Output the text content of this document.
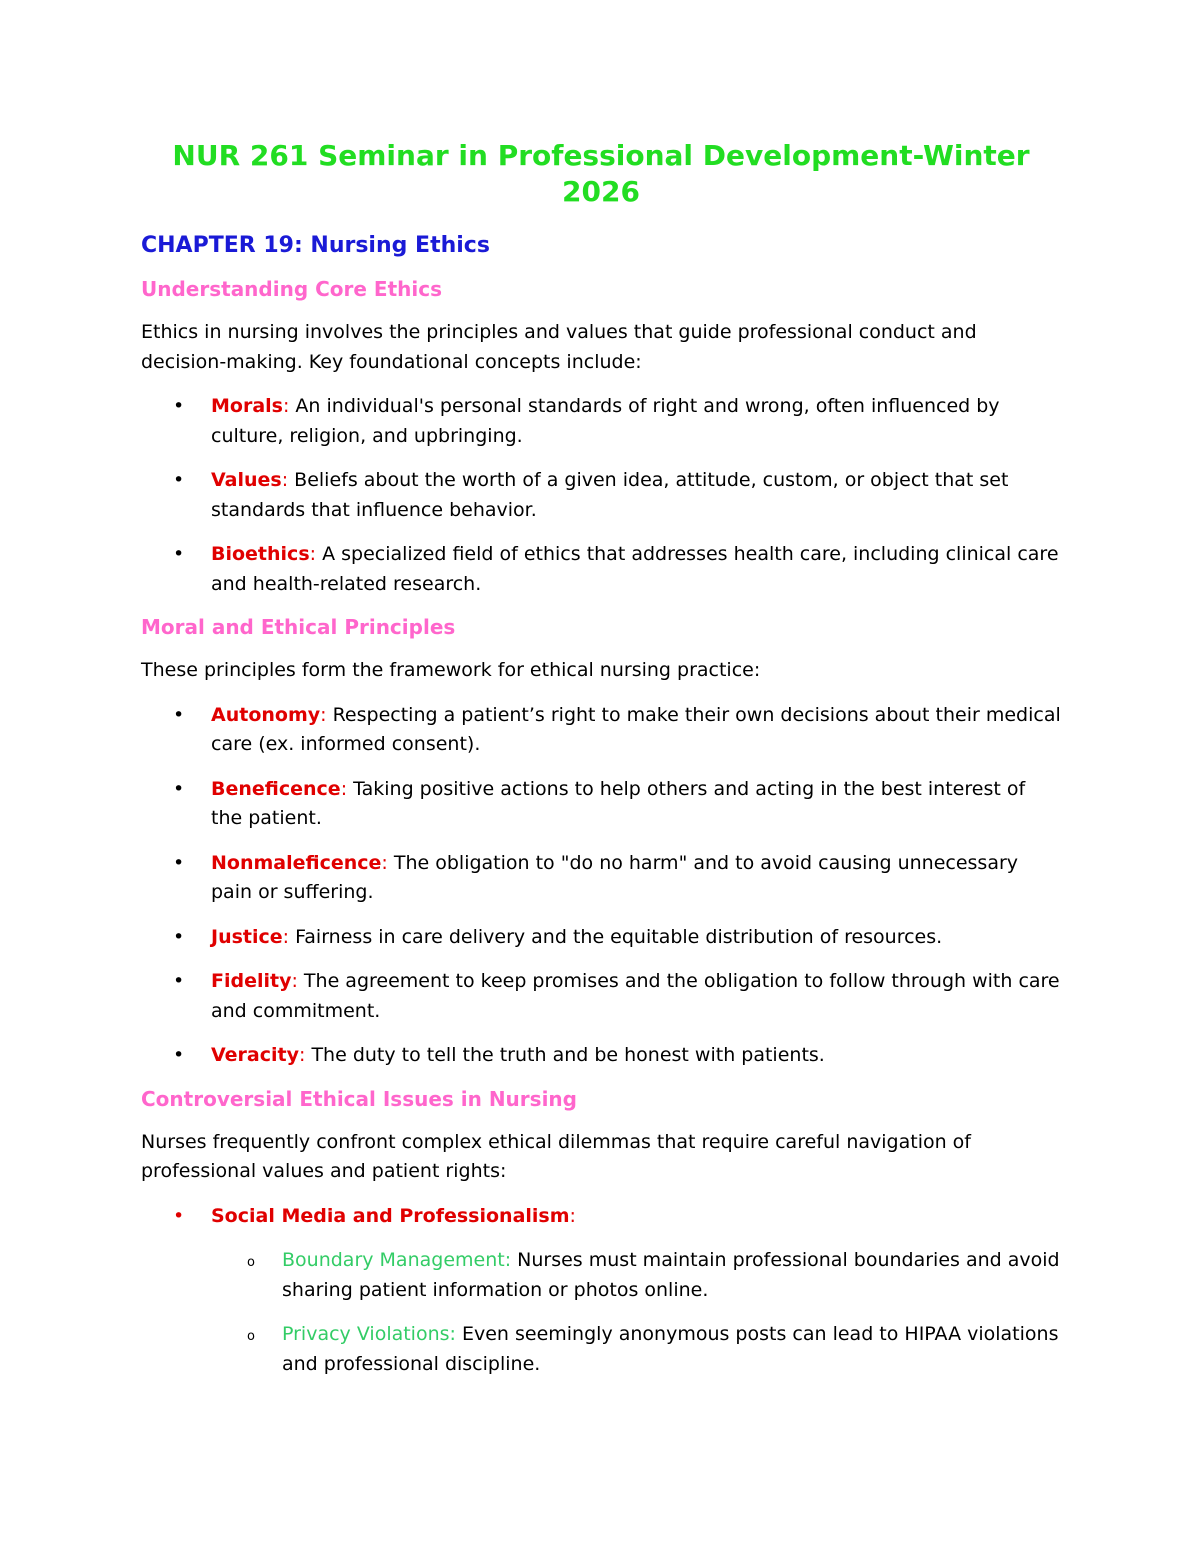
NUR 261 Seminar in Professional Development-Winter 2026
CHAPTER 19: Nursing Ethics
Understanding Core Ethics

Ethics in nursing involves the principles and values that guide professional conduct and decision-making. Key foundational concepts include:

• Morals: An individual's personal standards of right and wrong, often influenced by culture, religion, and upbringing.
• Values: Beliefs about the worth of a given idea, attitude, custom, or object that set standards that influence behavior.
• Bioethics: A specialized field of ethics that addresses health care, including clinical care and health-related research.
Moral and Ethical Principles

These principles form the framework for ethical nursing practice:

• Autonomy: Respecting a patient’s right to make their own decisions about their medical care (ex. informed consent).
• Beneficence: Taking positive actions to help others and acting in the best interest of the patient.
• Nonmaleficence: The obligation to "do no harm" and to avoid causing unnecessary pain or suffering.
• Justice: Fairness in care delivery and the equitable distribution of resources.
• Fidelity: The agreement to keep promises and the obligation to follow through with care and commitment.
• Veracity: The duty to tell the truth and be honest with patients.
Controversial Ethical Issues in Nursing

Nurses frequently confront complex ethical dilemmas that require careful navigation of professional values and patient rights:

• Social Media and Professionalism:
o Boundary Management: Nurses must maintain professional boundaries and avoid sharing patient information or photos online.
o Privacy Violations: Even seemingly anonymous posts can lead to HIPAA violations and professional discipline.
